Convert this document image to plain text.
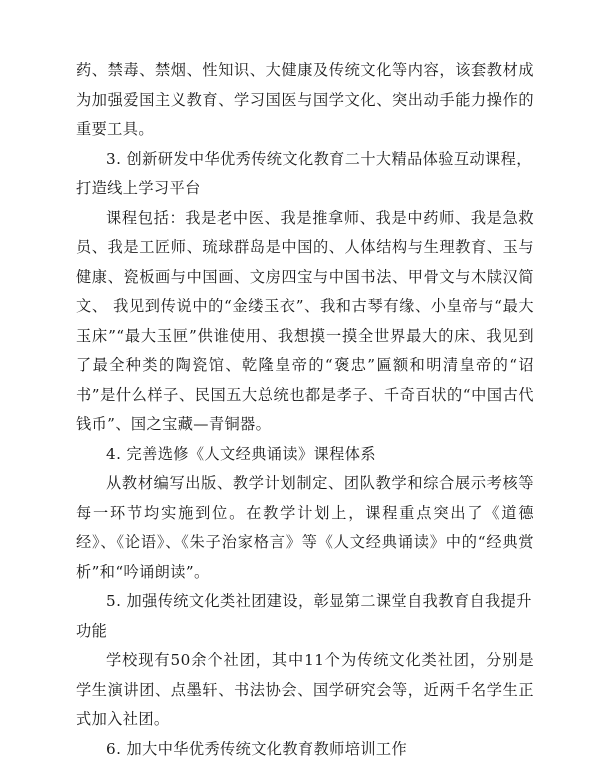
药、禁毒、禁烟、性知识、大健康及传统文化等内容，该套教材成为加强爱国主义教育、学习国医与国学文化、突出动手能力操作的重要工具。

3. 创新研发中华优秀传统文化教育二十大精品体验互动课程，打造线上学习平台

课程包括：我是老中医、我是推拿师、我是中药师、我是急救员、我是工匠师、琉球群岛是中国的、人体结构与生理教育、玉与健康、瓷板画与中国画、文房四宝与中国书法、甲骨文与木牍汉简文、 我见到传说中的“金缕玉衣”、我和古琴有缘、小皇帝与“最大玉床”“最大玉匣”供谁使用、我想摸一摸全世界最大的床、我见到了最全种类的陶瓷馆、乾隆皇帝的“褒忠”匾额和明清皇帝的“诏书”是什么样子、民国五大总统也都是孝子、千奇百状的“中国古代钱币”、国之宝藏—青铜器。

4. 完善选修《人文经典诵读》课程体系

从教材编写出版、教学计划制定、团队教学和综合展示考核等每一环节均实施到位。在教学计划上，课程重点突出了《道德经》、《论语》、《朱子治家格言》等《人文经典诵读》中的“经典赏析”和“吟诵朗读”。

5. 加强传统文化类社团建设，彰显第二课堂自我教育自我提升功能

学校现有50余个社团，其中11个为传统文化类社团，分别是学生演讲团、点墨轩、书法协会、国学研究会等，近两千名学生正式加入社团。

6. 加大中华优秀传统文化教育教师培训工作
